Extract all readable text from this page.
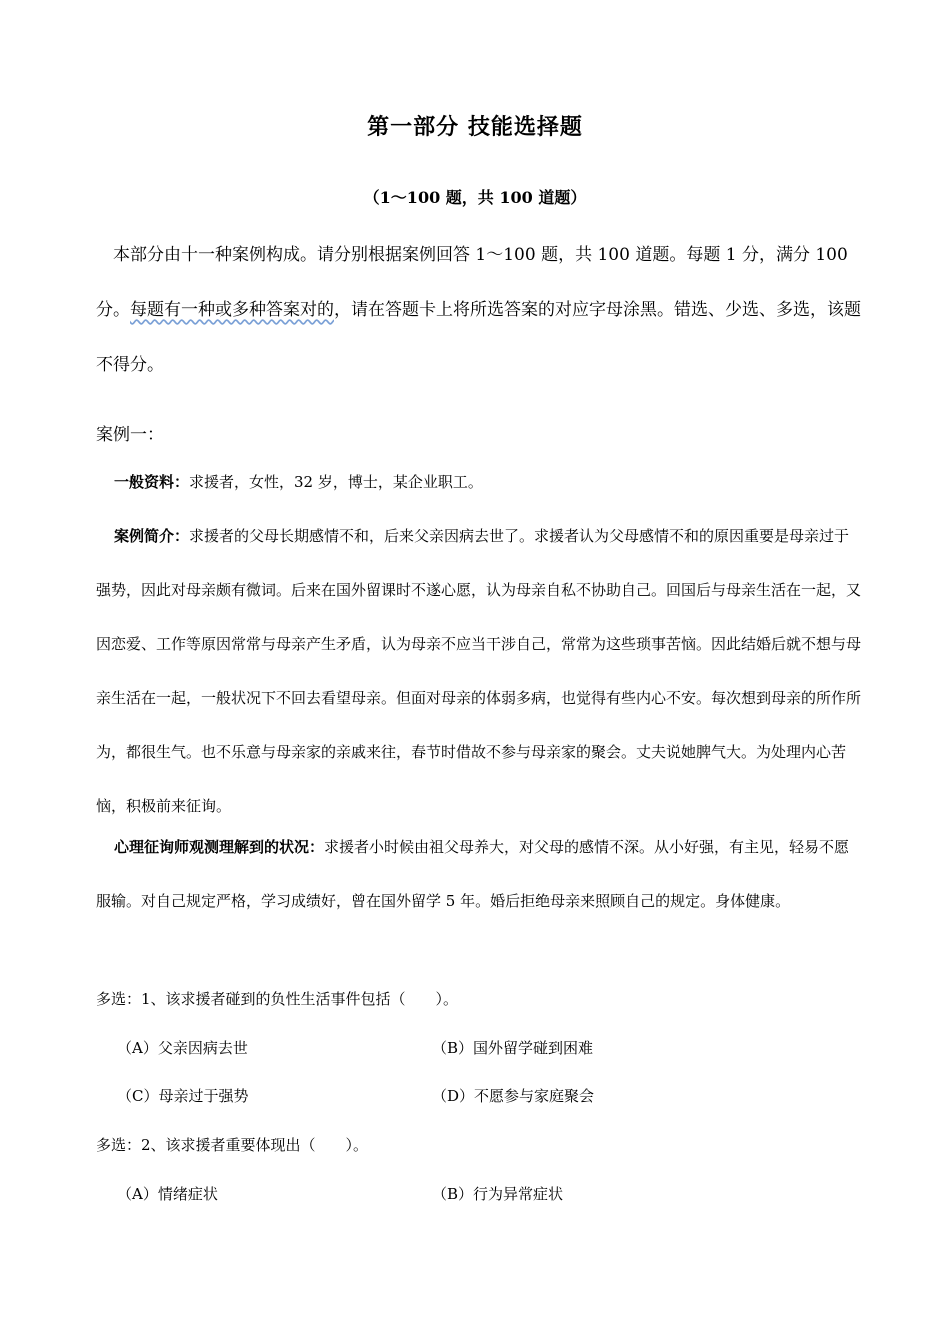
第一部分 技能选择题
（1～100 题，共 100 道题）
本部分由十一种案例构成。请分别根据案例回答 1～100 题，共 100 道题。每题 1 分，满分 100 分。每题有一种或多种答案对的，请在答题卡上将所选答案的对应字母涂黑。错选、少选、多选，该题不得分。
案例一：
一般资料：求援者，女性，32 岁，博士，某企业职工。
案例简介：求援者的父母长期感情不和，后来父亲因病去世了。求援者认为父母感情不和的原因重要是母亲过于强势，因此对母亲颇有微词。后来在国外留课时不遂心愿，认为母亲自私不协助自己。回国后与母亲生活在一起，又因恋爱、工作等原因常常与母亲产生矛盾，认为母亲不应当干涉自己，常常为这些琐事苦恼。因此结婚后就不想与母亲生活在一起，一般状况下不回去看望母亲。但面对母亲的体弱多病，也觉得有些内心不安。每次想到母亲的所作所为，都很生气。也不乐意与母亲家的亲戚来往，春节时借故不参与母亲家的聚会。丈夫说她脾气大。为处理内心苦恼，积极前来征询。
心理征询师观测理解到的状况：求援者小时候由祖父母养大，对父母的感情不深。从小好强，有主见，轻易不愿服输。对自己规定严格，学习成绩好，曾在国外留学 5 年。婚后拒绝母亲来照顾自己的规定。身体健康。
多选：1、该求援者碰到的负性生活事件包括（　　）。
（A）父亲因病去世	（B）国外留学碰到困难
（C）母亲过于强势	（D）不愿参与家庭聚会
多选：2、该求援者重要体现出（　　）。
（A）情绪症状	（B）行为异常症状
